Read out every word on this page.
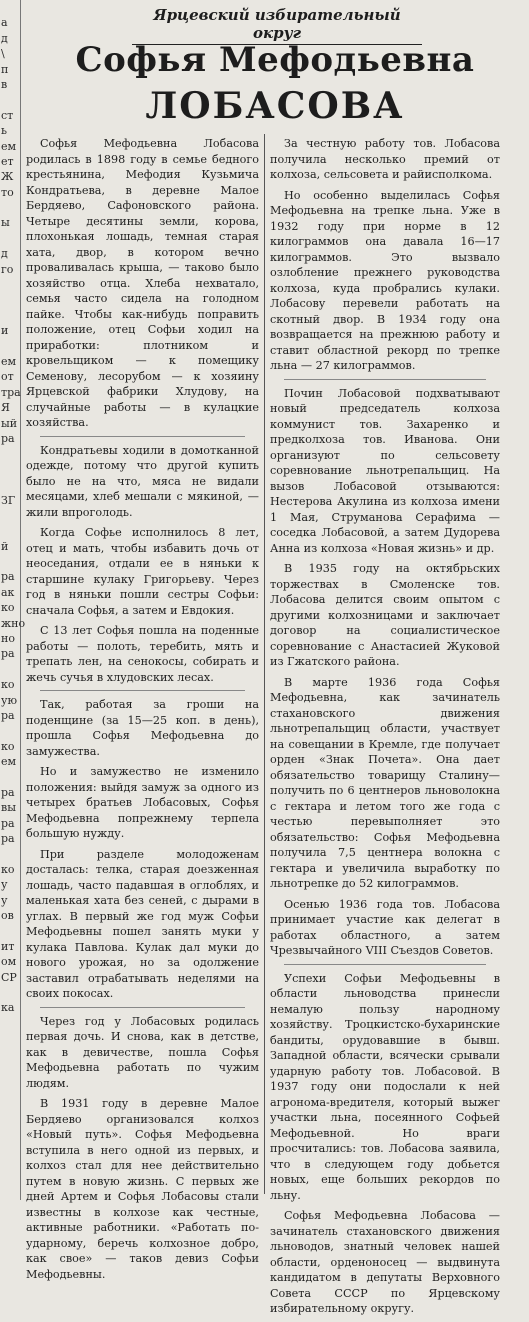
а
д
\
п
в
ст
ь
ем
ет
Ж
то
ы
д
го
и
ем
от
тра
Я
ый
ра
ЗГ
й
ра
ак
ко
жно
но
ра
ко
ую
ра
ко
ем
ра
вы
ра
ра
ко
у
у
ов
ит
ом
СР
ка
Ярцевский избирательный округ
Софья Мефодьевна
ЛОБАСОВА

Софья Мефодьевна Лобасова родилась в 1898 году в семье бедного крестьянина, Мефодия Кузьмича Кондратьева, в деревне Малое Бердяево, Сафоновского района. Четыре десятины земли, корова, плохонькая лошадь, темная старая хата, двор, в котором вечно проваливалась крыша, — таково было хозяйство отца. Хлеба нехватало, семья часто сидела на голодном пайке. Чтобы как-нибудь поправить положение, отец Софьи ходил на приработки: плотником и кровельщиком — к помещику Семенову, лесорубом — к хозяину Ярцевской фабрики Хлудову, на случайные работы — в кулацкие хозяйства.

Кондратьевы ходили в домотканной одежде, потому что другой купить было не на что, мяса не видали месяцами, хлеб мешали с мякиной, — жили впроголодь.

Когда Софье исполнилось 8 лет, отец и мать, чтобы избавить дочь от неоседания, отдали ее в няньки к старшине кулаку Григорьеву. Через год в няньки пошли сестры Софьи: сначала Софья, а затем и Евдокия.

С 13 лет Софья пошла на поденные работы — полоть, теребить, мять и трепать лен, на сенокосы, собирать и жечь сучья в хлудовских лесах.

Так, работая за гроши на поденщине (за 15—25 коп. в день), прошла Софья Мефодьевна до замужества.

Но и замужество не изменило положения: выйдя замуж за одного из четырех братьев Лобасовых, Софья Мефодьевна попрежнему терпела большую нужду.

При разделе молодоженам досталась: телка, старая доезженная лошадь, часто падавшая в оглоблях, и маленькая хата без сеней, с дырами в углах. В первый же год муж Софьи Мефодьевны пошел занять муки у кулака Павлова. Кулак дал муки до нового урожая, но за одолжение заставил отрабатывать неделями на своих покосах.

Через год у Лобасовых родилась первая дочь. И снова, как в детстве, как в девичестве, пошла Софья Мефодьевна работать по чужим людям.

В 1931 году в деревне Малое Бердяево организовался колхоз «Новый путь». Софья Мефодьевна вступила в него одной из первых, и колхоз стал для нее действительно путем в новую жизнь. С первых же дней Артем и Софья Лобасовы стали известны в колхозе как честные, активные работники. «Работать по-ударному, беречь колхозное добро, как свое» — таков девиз Софьи Мефодьевны.

За честную работу тов. Лобасова получила несколько премий от колхоза, сельсовета и райисполкома.

Но особенно выделилась Софья Мефодьевна на трепке льна. Уже в 1932 году при норме в 12 килограммов она давала 16—17 килограммов. Это вызвало озлобление прежнего руководства колхоза, куда пробрались кулаки. Лобасову перевели работать на скотный двор. В 1934 году она возвращается на прежнюю работу и ставит областной рекорд по трепке льна — 27 килограммов.

Почин Лобасовой подхватывают новый председатель колхоза коммунист тов. Захаренко и предколхоза тов. Иванова. Они организуют по сельсовету соревнование льнотрепальщиц. На вызов Лобасовой отзываются: Нестерова Акулина из колхоза имени 1 Мая, Струманова Серафима — соседка Лобасовой, а затем Дудорева Анна из колхоза «Новая жизнь» и др.

В 1935 году на октябрьских торжествах в Смоленске тов. Лобасова делится своим опытом с другими колхозницами и заключает договор на социалистическое соревнование с Анастасией Жуковой из Гжатского района.

В марте 1936 года Софья Мефодьевна, как зачинатель стахановского движения льнотрепальщиц области, участвует на совещании в Кремле, где получает орден «Знак Почета». Она дает обязательство товарищу Сталину—получить по 6 центнеров льноволокна с гектара и летом того же года с честью перевыполняет это обязательство: Софья Мефодьевна получила 7,5 центнера волокна с гектара и увеличила выработку по льнотрепке до 52 килограммов.

Осенью 1936 года тов. Лобасова принимает участие как делегат в работах областного, а затем Чрезвычайного VIII Съездов Советов.

Успехи Софьи Мефодьевны в области льноводства принесли немалую пользу народному хозяйству. Троцкистско-бухаринские бандиты, орудовавшие в бывш. Западной области, всячески срывали ударную работу тов. Лобасовой. В 1937 году они подослали к ней агронома-вредителя, который выжег участки льна, посеянного Софьей Мефодьевной. Но враги просчитались: тов. Лобасова заявила, что в следующем году добьется новых, еще больших рекордов по льну.

Софья Мефодьевна Лобасова — зачинатель стахановского движения льноводов, знатный человек нашей области, орденоносец — выдвинута кандидатом в депутаты Верховного Совета СССР по Ярцевскому избирательному округу.
